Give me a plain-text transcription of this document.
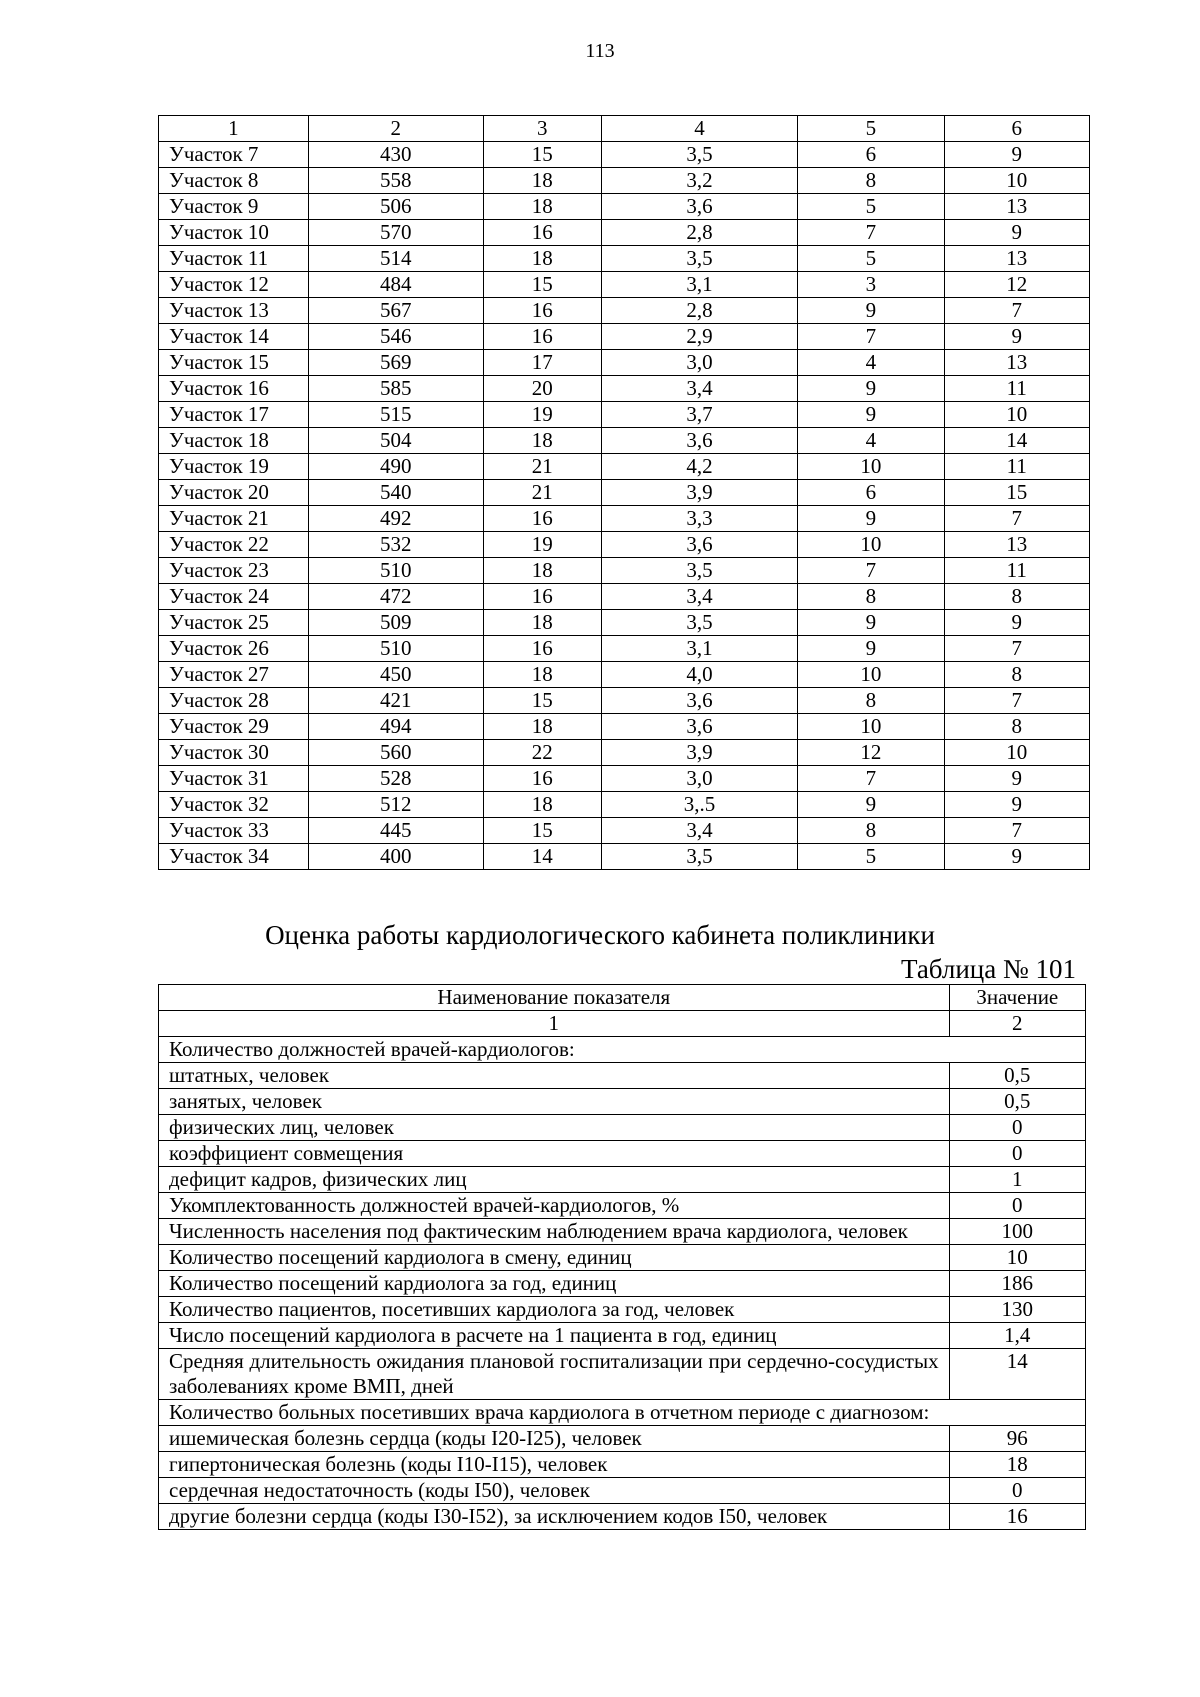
113
1	2	3	4	5	6
Участок 7	430	15	3,5	6	9
Участок 8	558	18	3,2	8	10
Участок 9	506	18	3,6	5	13
Участок 10	570	16	2,8	7	9
Участок 11	514	18	3,5	5	13
Участок 12	484	15	3,1	3	12
Участок 13	567	16	2,8	9	7
Участок 14	546	16	2,9	7	9
Участок 15	569	17	3,0	4	13
Участок 16	585	20	3,4	9	11
Участок 17	515	19	3,7	9	10
Участок 18	504	18	3,6	4	14
Участок 19	490	21	4,2	10	11
Участок 20	540	21	3,9	6	15
Участок 21	492	16	3,3	9	7
Участок 22	532	19	3,6	10	13
Участок 23	510	18	3,5	7	11
Участок 24	472	16	3,4	8	8
Участок 25	509	18	3,5	9	9
Участок 26	510	16	3,1	9	7
Участок 27	450	18	4,0	10	8
Участок 28	421	15	3,6	8	7
Участок 29	494	18	3,6	10	8
Участок 30	560	22	3,9	12	10
Участок 31	528	16	3,0	7	9
Участок 32	512	18	3,.5	9	9
Участок 33	445	15	3,4	8	7
Участок 34	400	14	3,5	5	9
Оценка работы кардиологического кабинета поликлиники
Таблица № 101
Наименование показателя	Значение
1	2
Количество должностей врачей-кардиологов:	
штатных, человек	0,5
занятых, человек	0,5
физических лиц, человек	0
коэффициент совмещения	0
дефицит кадров, физических лиц	1
Укомплектованность должностей врачей-кардиологов, %	0
Численность населения под фактическим наблюдением врача кардиолога, человек	100
Количество посещений кардиолога в смену, единиц	10
Количество посещений кардиолога за год, единиц	186
Количество пациентов, посетивших кардиолога за год, человек	130
Число посещений кардиолога в расчете на 1 пациента в год, единиц	1,4
Средняя длительность ожидания плановой госпитализации при сердечно-сосудистых заболеваниях кроме ВМП, дней	14
Количество больных посетивших врача кардиолога в отчетном периоде с диагнозом:	
ишемическая болезнь сердца (коды I20-I25), человек	96
гипертоническая болезнь (коды I10-I15), человек	18
сердечная недостаточность (коды I50), человек	0
другие болезни сердца (коды I30-I52), за исключением кодов I50, человек	16
